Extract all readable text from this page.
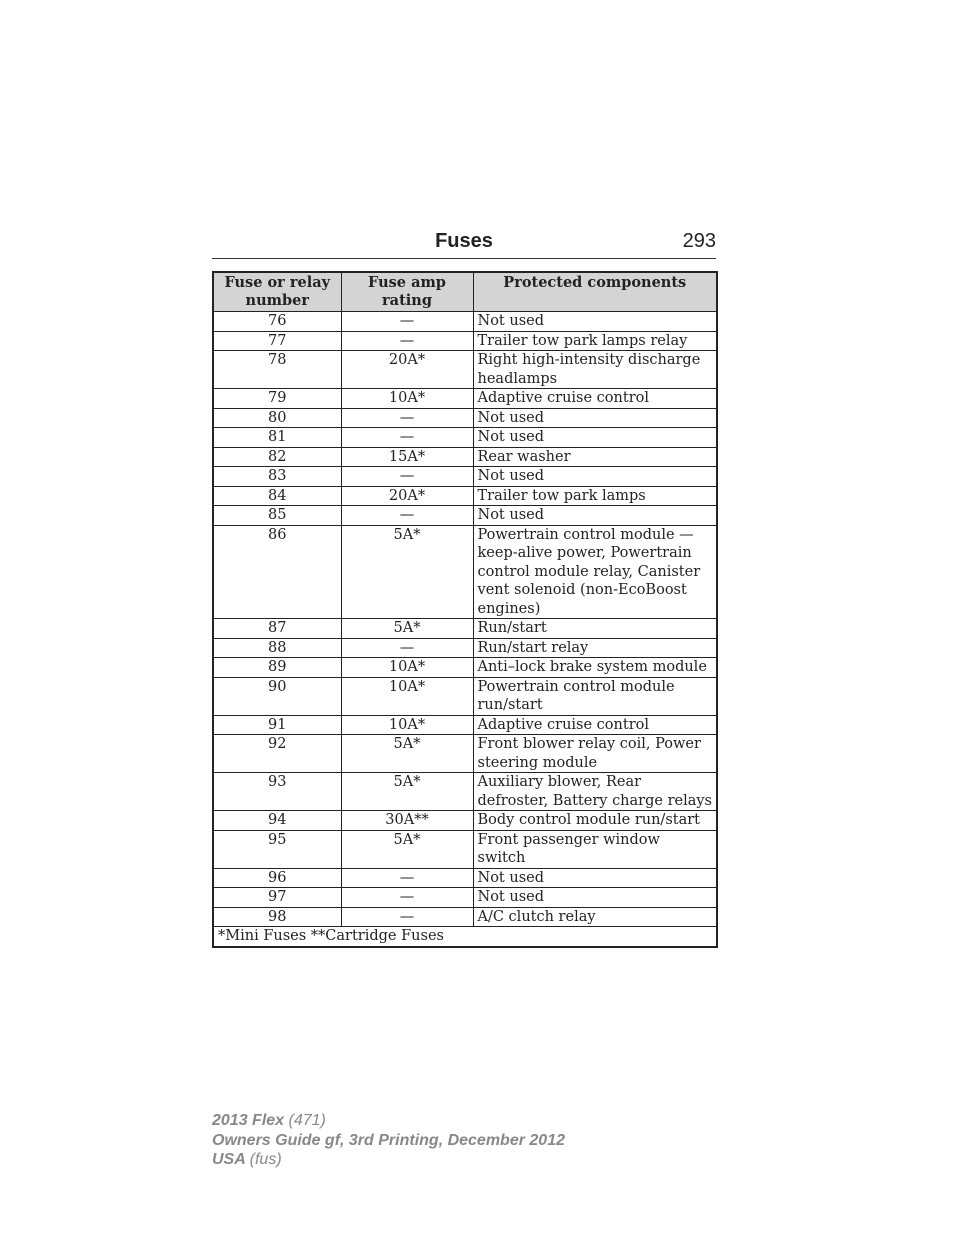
Fuses	293
Fuse or relay number	Fuse amp rating	Protected components
76	—	Not used
77	—	Trailer tow park lamps relay
78	20A*	Right high-intensity discharge headlamps
79	10A*	Adaptive cruise control
80	—	Not used
81	—	Not used
82	15A*	Rear washer
83	—	Not used
84	20A*	Trailer tow park lamps
85	—	Not used
86	5A*	Powertrain control module — keep-alive power, Powertrain control module relay, Canister vent solenoid (non-EcoBoost engines)
87	5A*	Run/start
88	—	Run/start relay
89	10A*	Anti–lock brake system module
90	10A*	Powertrain control module run/start
91	10A*	Adaptive cruise control
92	5A*	Front blower relay coil, Power steering module
93	5A*	Auxiliary blower, Rear defroster, Battery charge relays
94	30A**	Body control module run/start
95	5A*	Front passenger window switch
96	—	Not used
97	—	Not used
98	—	A/C clutch relay
*Mini Fuses **Cartridge Fuses		
2013 Flex (471)
Owners Guide gf, 3rd Printing, December 2012
USA (fus)
